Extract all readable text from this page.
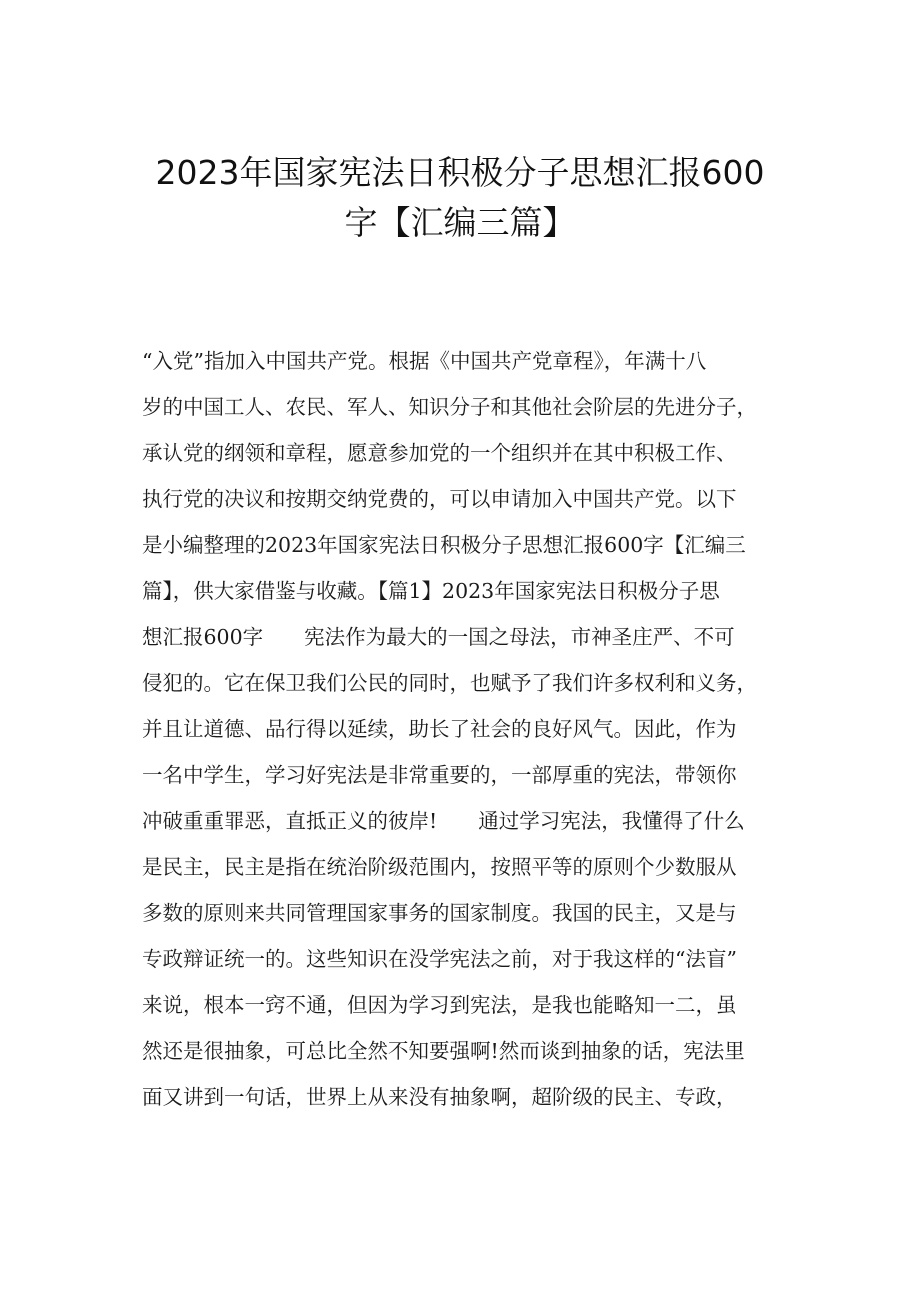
2023年国家宪法日积极分子思想汇报600
字【汇编三篇】
“入党”指加入中国共产党。根据《中国共产党章程》，年满十八
岁的中国工人、农民、军人、知识分子和其他社会阶层的先进分子，
承认党的纲领和章程，愿意参加党的一个组织并在其中积极工作、
执行党的决议和按期交纳党费的，可以申请加入中国共产党。以下
是小编整理的2023年国家宪法日积极分子思想汇报600字【汇编三
篇】，供大家借鉴与收藏。【篇1】2023年国家宪法日积极分子思
想汇报600字　　宪法作为最大的一国之母法，市神圣庄严、不可
侵犯的。它在保卫我们公民的同时，也赋予了我们许多权利和义务，
并且让道德、品行得以延续，助长了社会的良好风气。因此，作为
一名中学生，学习好宪法是非常重要的，一部厚重的宪法，带领你
冲破重重罪恶，直抵正义的彼岸!　　通过学习宪法，我懂得了什么
是民主，民主是指在统治阶级范围内，按照平等的原则个少数服从
多数的原则来共同管理国家事务的国家制度。我国的民主，又是与
专政辩证统一的。这些知识在没学宪法之前，对于我这样的“法盲”
来说，根本一窍不通，但因为学习到宪法，是我也能略知一二，虽
然还是很抽象，可总比全然不知要强啊!然而谈到抽象的话，宪法里
面又讲到一句话，世界上从来没有抽象啊，超阶级的民主、专政，
